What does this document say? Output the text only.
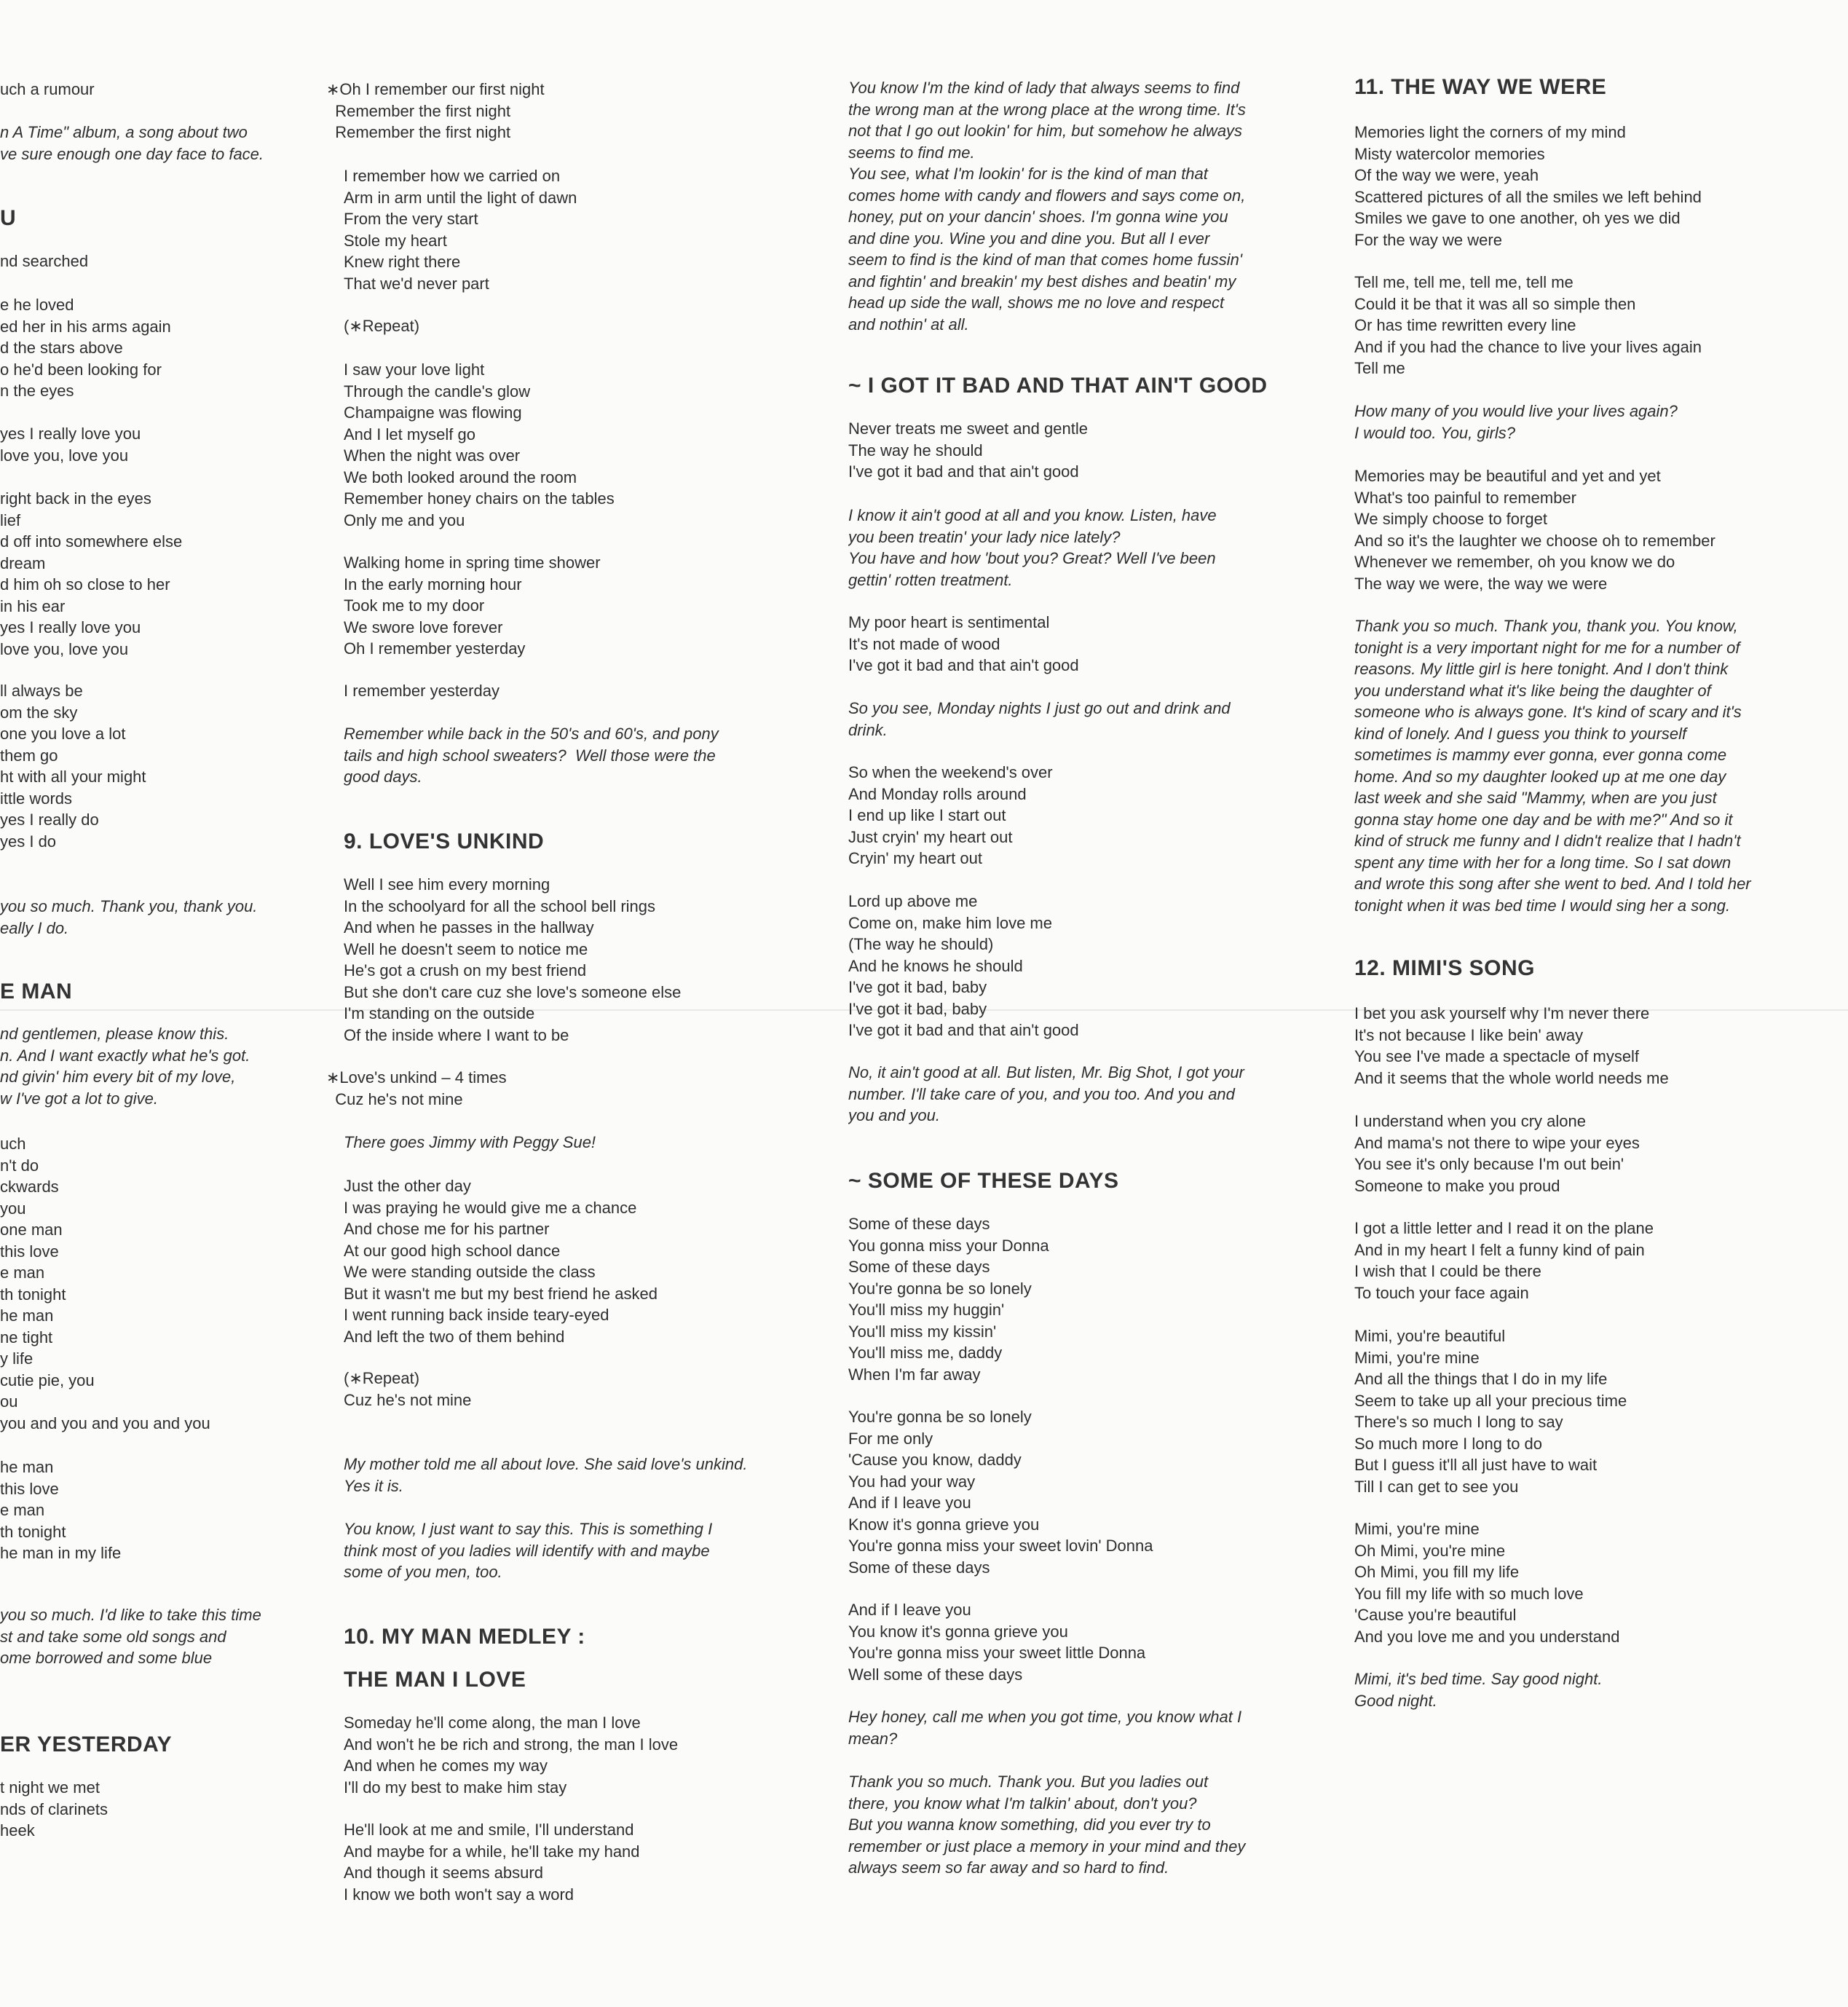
uch a rumour
n A Time" album, a song about two
ve sure enough one day face to face.
U
nd searched
e he loved
ed her in his arms again
d the stars above
o he'd been looking for
n the eyes
yes I really love you
love you, love you
right back in the eyes
lief
d off into somewhere else
dream
d him oh so close to her
in his ear
yes I really love you
love you, love you
ll always be
om the sky
one you love a lot
them go
ht with all your might
ittle words
yes I really do
yes I do
you so much. Thank you, thank you.
eally I do.
E MAN
nd gentlemen, please know this.
n. And I want exactly what he's got.
nd givin' him every bit of my love,
w I've got a lot to give.
uch
n't do
ckwards
you
one man
this love
e man
th tonight
he man
ne tight
y life
cutie pie, you
ou
you and you and you and you
he man
this love
e man
th tonight
he man in my life
you so much. I'd like to take this time
st and take some old songs and
ome borrowed and some blue
ER YESTERDAY
t night we met
nds of clarinets
heek
∗Oh I remember our first night
Remember the first night
Remember the first night
I remember how we carried on
Arm in arm until the light of dawn
From the very start
Stole my heart
Knew right there
That we'd never part
(∗Repeat)
I saw your love light
Through the candle's glow
Champaigne was flowing
And I let myself go
When the night was over
We both looked around the room
Remember honey chairs on the tables
Only me and you
Walking home in spring time shower
In the early morning hour
Took me to my door
We swore love forever
Oh I remember yesterday
I remember yesterday
Remember while back in the 50's and 60's, and pony
tails and high school sweaters?  Well those were the
good days.
9. LOVE'S UNKIND
Well I see him every morning
In the schoolyard for all the school bell rings
And when he passes in the hallway
Well he doesn't seem to notice me
He's got a crush on my best friend
But she don't care cuz she love's someone else
I'm standing on the outside
Of the inside where I want to be
∗Love's unkind – 4 times
Cuz he's not mine
There goes Jimmy with Peggy Sue!
Just the other day
I was praying he would give me a chance
And chose me for his partner
At our good high school dance
We were standing outside the class
But it wasn't me but my best friend he asked
I went running back inside teary-eyed
And left the two of them behind
(∗Repeat)
Cuz he's not mine
My mother told me all about love. She said love's unkind.
Yes it is.
You know, I just want to say this. This is something I
think most of you ladies will identify with and maybe
some of you men, too.
10. MY MAN MEDLEY :
THE MAN I LOVE
Someday he'll come along, the man I love
And won't he be rich and strong, the man I love
And when he comes my way
I'll do my best to make him stay
He'll look at me and smile, I'll understand
And maybe for a while, he'll take my hand
And though it seems absurd
I know we both won't say a word
You know I'm the kind of lady that always seems to find
the wrong man at the wrong place at the wrong time. It's
not that I go out lookin' for him, but somehow he always
seems to find me.
You see, what I'm lookin' for is the kind of man that
comes home with candy and flowers and says come on,
honey, put on your dancin' shoes. I'm gonna wine you
and dine you. Wine you and dine you. But all I ever
seem to find is the kind of man that comes home fussin'
and fightin' and breakin' my best dishes and beatin' my
head up side the wall, shows me no love and respect
and nothin' at all.
~ I GOT IT BAD AND THAT AIN'T GOOD
Never treats me sweet and gentle
The way he should
I've got it bad and that ain't good
I know it ain't good at all and you know. Listen, have
you been treatin' your lady nice lately?
You have and how 'bout you? Great? Well I've been
gettin' rotten treatment.
My poor heart is sentimental
It's not made of wood
I've got it bad and that ain't good
So you see, Monday nights I just go out and drink and
drink.
So when the weekend's over
And Monday rolls around
I end up like I start out
Just cryin' my heart out
Cryin' my heart out
Lord up above me
Come on, make him love me
(The way he should)
And he knows he should
I've got it bad, baby
I've got it bad, baby
I've got it bad and that ain't good
No, it ain't good at all. But listen, Mr. Big Shot, I got your
number. I'll take care of you, and you too. And you and
you and you.
~ SOME OF THESE DAYS
Some of these days
You gonna miss your Donna
Some of these days
You're gonna be so lonely
You'll miss my huggin'
You'll miss my kissin'
You'll miss me, daddy
When I'm far away
You're gonna be so lonely
For me only
'Cause you know, daddy
You had your way
And if I leave you
Know it's gonna grieve you
You're gonna miss your sweet lovin' Donna
Some of these days
And if I leave you
You know it's gonna grieve you
You're gonna miss your sweet little Donna
Well some of these days
Hey honey, call me when you got time, you know what I
mean?
Thank you so much. Thank you. But you ladies out
there, you know what I'm talkin' about, don't you?
But you wanna know something, did you ever try to
remember or just place a memory in your mind and they
always seem so far away and so hard to find.
11. THE WAY WE WERE
Memories light the corners of my mind
Misty watercolor memories
Of the way we were, yeah
Scattered pictures of all the smiles we left behind
Smiles we gave to one another, oh yes we did
For the way we were
Tell me, tell me, tell me, tell me
Could it be that it was all so simple then
Or has time rewritten every line
And if you had the chance to live your lives again
Tell me
How many of you would live your lives again?
I would too. You, girls?
Memories may be beautiful and yet and yet
What's too painful to remember
We simply choose to forget
And so it's the laughter we choose oh to remember
Whenever we remember, oh you know we do
The way we were, the way we were
Thank you so much. Thank you, thank you. You know,
tonight is a very important night for me for a number of
reasons. My little girl is here tonight. And I don't think
you understand what it's like being the daughter of
someone who is always gone. It's kind of scary and it's
kind of lonely. And I guess you think to yourself
sometimes is mammy ever gonna, ever gonna come
home. And so my daughter looked up at me one day
last week and she said "Mammy, when are you just
gonna stay home one day and be with me?" And so it
kind of struck me funny and I didn't realize that I hadn't
spent any time with her for a long time. So I sat down
and wrote this song after she went to bed. And I told her
tonight when it was bed time I would sing her a song.
12. MIMI'S SONG
I bet you ask yourself why I'm never there
It's not because I like bein' away
You see I've made a spectacle of myself
And it seems that the whole world needs me
I understand when you cry alone
And mama's not there to wipe your eyes
You see it's only because I'm out bein'
Someone to make you proud
I got a little letter and I read it on the plane
And in my heart I felt a funny kind of pain
I wish that I could be there
To touch your face again
Mimi, you're beautiful
Mimi, you're mine
And all the things that I do in my life
Seem to take up all your precious time
There's so much I long to say
So much more I long to do
But I guess it'll all just have to wait
Till I can get to see you
Mimi, you're mine
Oh Mimi, you're mine
Oh Mimi, you fill my life
You fill my life with so much love
'Cause you're beautiful
And you love me and you understand
Mimi, it's bed time. Say good night.
Good night.
